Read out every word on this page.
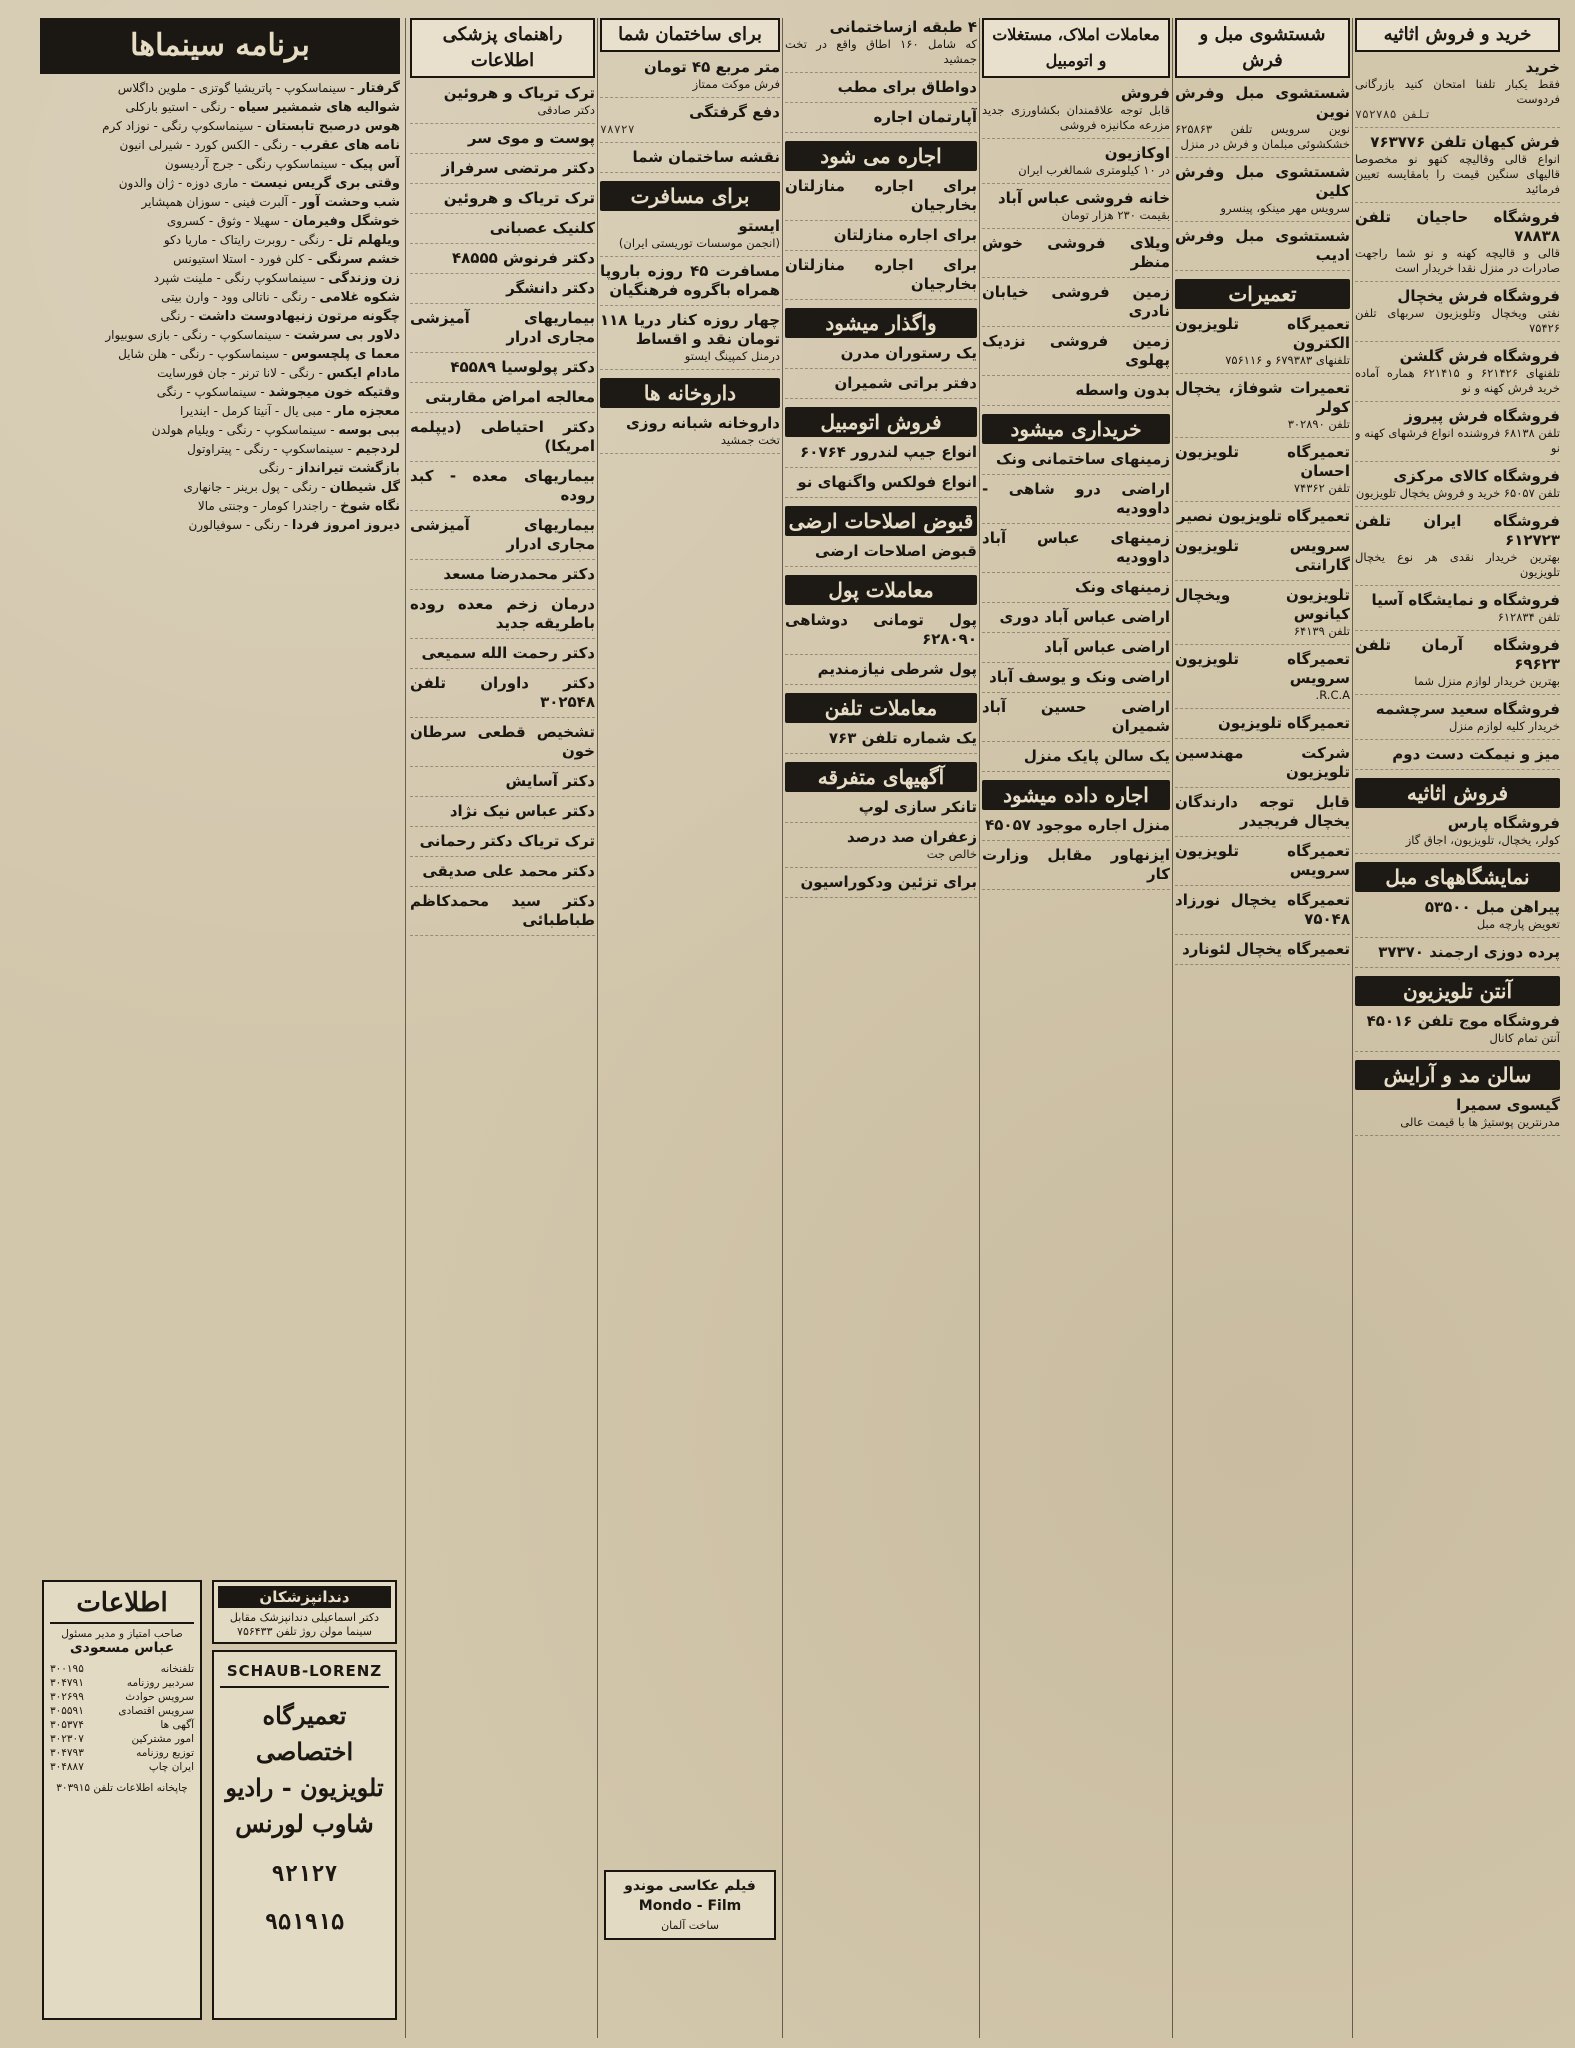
خرید و فروش اثاثیه
خرید
فقط یکبار تلفنا امتحان کنید بازرگانی فردوست
تلفن ۷۵۲۷۸۵
فرش کیهان تلفن ۷۶۳۷۷۶
انواع قالی وقالیچه کنهو نو مخصوصا قالیهای سنگین قیمت را بامقایسه تعیین فرمائید
فروشگاه حاجیان تلفن ۷۸۸۳۸
قالی و قالیچه کهنه و نو شما راجهت صادرات در منزل نقدا خریدار است
فروشگاه فرش یخچال
نفتی ویخچال وتلویزیون سربهای تلفن ۷۵۴۲۶
فروشگاه فرش گلشن
تلفنهای ۶۲۱۴۲۶ و ۶۲۱۴۱۵ هماره آماده خرید فرش کهنه و نو
فروشگاه فرش پیروز
تلفن ۶۸۱۳۸ فروشنده انواع فرشهای کهنه و نو
فروشگاه کالای مرکزی
تلفن ۶۵۰۵۷ خرید و فروش یخچال تلویزیون
فروشگاه ایران تلفن ۶۱۲۷۲۳
بهترین خریدار نقدی هر نوع یخچال تلویزیون
فروشگاه و نمایشگاه آسیا
تلفن ۶۱۲۸۳۴
فروشگاه آرمان تلفن ۶۹۶۲۳
بهترین خریدار لوازم منزل شما
فروشگاه سعید سرچشمه
خریدار کلیه لوازم منزل
میز و نیمکت دست دوم
فروش اثاثیه
فروشگاه پارس
کولر، یخچال، تلویزیون، اجاق گاز
نمایشگاههای مبل
پیراهن مبل ۵۳۵۰۰
تعویض پارچه مبل
پرده دوزی ارجمند ۳۷۳۷۰
آنتن تلویزیون
فروشگاه موج تلفن ۴۵۰۱۶
آنتن تمام کانال
سالن مد و آرایش
گیسوی سمیرا
مدرنترین پوستیژ ها با قیمت عالی
شستشوی مبل و فرش
شستشوی مبل وفرش نوین
نوین سرویس تلفن ۶۲۵۸۶۳ خشکشوئی مبلمان و فرش در منزل
شستشوی مبل وفرش کلین
سرویس مهر مینکو، پینسرو
شستشوی مبل وفرش ادیب
تعمیرات
تعمیرگاه تلویزیون الکترون
تلفنهای ۶۷۹۳۸۳ و ۷۵۶۱۱۶
تعمیرات شوفاژ، یخچال کولر
تلفن ۳۰۲۸۹۰
تعمیرگاه تلویزیون احسان
تلفن ۷۴۳۶۲
تعمیرگاه تلویزیون نصیر
سرویس تلویزیون گارانتی
تلویزیون ویخچال کیانوس
تلفن ۶۴۱۳۹
تعمیرگاه تلویزیون سرویس
R.C.A.
تعمیرگاه تلویزیون
شرکت مهندسین تلویزیون
قابل توجه دارندگان یخچال فریجیدر
تعمیرگاه تلویزیون سرویس
تعمیرگاه یخچال نورزاد ۷۵۰۴۸
تعمیرگاه یخچال لئونارد
معاملات املاک، مستغلات و اتومبیل
فروش
قابل توجه علاقمندان بکشاورزی جدید مزرعه مکانیزه فروشی
اوکازیون
در ۱۰ کیلومتری شمالغرب ایران
خانه فروشی عباس آباد
بقیمت ۲۳۰ هزار تومان
ویلای فروشی خوش منظر
زمین فروشی خیابان نادری
زمین فروشی نزدیک پهلوی
بدون واسطه
خریداری میشود
زمینهای ساختمانی ونک
اراضی درو شاهی - داوودیه
زمینهای عباس آباد داوودیه
زمینهای ونک
اراضی عباس آباد دوری
اراضی عباس آباد
اراضی ونک و یوسف آباد
اراضی حسین آباد شمیران
یک سالن پایک منزل
اجاره داده میشود
منزل اجاره موجود ۴۵۰۵۷
ایزنهاور مقابل وزارت کار
۴ طبقه ازساختمانی
که شامل ۱۶۰ اطاق واقع در تخت جمشید
دواطاق برای مطب
آپارتمان اجاره
اجاره می شود
برای اجاره منازلتان بخارجیان
برای اجاره منازلتان
برای اجاره منازلتان بخارجیان
واگذار میشود
یک رستوران مدرن
دفتر براتی شمیران
فروش اتومبیل
انواع جیپ لندرور ۶۰۷۶۴
انواع فولکس واگنهای نو
قبوض اصلاحات ارضی
قبوض اصلاحات ارضی
معاملات پول
پول تومانی دوشاهی ۶۲۸۰۹۰
پول شرطی نیازمندیم
معاملات تلفن
یک شماره تلفن ۷۶۳
آگهیهای متفرقه
تانکر سازی لوپ
زعفران صد درصد
خالص جت
برای تزئین ودکوراسیون
برای ساختمان شما
متر مربع ۴۵ تومان
فرش موکت ممتاز
دفع گرفتگی
۷۸۷۲۷
نقشه ساختمان شما
برای مسافرت
ایستو
(انجمن موسسات توریستی ایران)
مسافرت ۴۵ روزه باروپا همراه باگروه فرهنگیان
چهار روزه کنار دریا ۱۱۸ تومان نقد و اقساط
درمنل کمپینگ ایستو
داروخانه ها
داروخانه شبانه روزی
تخت جمشید
راهنمای پزشکی اطلاعات
ترک تریاک و هروئین
دکتر صادقی
پوست و موی سر
دکتر مرتضی سرفراز
ترک تریاک و هروئین
کلنیک عصبانی
دکتر فرنوش ۴۸۵۵۵
دکتر دانشگر
بیماریهای آمیزشی مجاری ادرار
دکتر پولوسیا ۴۵۵۸۹
معالجه امراض مقاربتی
دکتر احتیاطی (دیپلمه امریکا)
بیماریهای معده - کبد روده
بیماریهای آمیزشی مجاری ادرار
دکتر محمدرضا مسعد
درمان زخم معده روده باطریقه جدید
دکتر رحمت الله سمیعی
دکتر داوران تلفن ۳۰۲۵۴۸
تشخیص قطعی سرطان خون
دکتر آسایش
دکتر عباس نیک نژاد
ترک تریاک دکتر رحمانی
دکتر محمد علی صدیقی
دکتر سید محمدکاظم طباطبائی
برنامه سینماها
گرفتار - سینماسکوپ - پاتریشیا گوتزی - ملوین داگلاس
شوالیه های شمشیر سیاه - رنگی - استیو بارکلی
هوس درصبح تابستان - سینماسکوپ رنگی - نوزاد کرم
نامه های عقرب - رنگی - الکس کورد - شیرلی انیون
آس پیک - سینماسکوپ رنگی - جرج آردیسون
وقتی بری گریس نیست - ماری دوزه - ژان والدون
شب وحشت آور - آلبرت فینی - سوزان همپشایر
خوشگل وفیرمان - سهیلا - وثوق - کسروی
ویلهلم تل - رنگی - روبرت رایتاک - ماریا دکو
خشم سرنگی - کلن فورد - استلا استیونس
زن وزندگی - سینماسکوپ رنگی - ملینت شپرد
شکوه غلامی - رنگی - ناتالی وود - وارن بیتی
چگونه مرتون زنیهادوست داشت - رنگی
دلاور بی سرشت - سینماسکوپ - رنگی - بازی سوبیوار
معما ی پلچسوس - سینماسکوپ - رنگی - هلن شایل
مادام ایکس - رنگی - لانا ترنر - جان فورسایت
وقتیکه خون میجوشد - سینماسکوپ - رنگی
معجزه مار - مبی یال - آنیتا کرمل - ایندیرا
ببی بوسه - سینماسکوپ - رنگی - ویلیام هولدن
لردجیم - سینماسکوپ - رنگی - پیتراوتول
بازگشت تیرانداز - رنگی
گل شیطان - رنگی - پول برینر - جانهاری
نگاه شوخ - راجندرا کومار - وجنتی مالا
دیروز امروز فردا - رنگی - سوفیالورن
اطلاعات
صاحب امتیاز و مدیر مسئول
عباس مسعودی
تلفنخانه
۳۰۰۱۹۵
سردبیر روزنامه
۳۰۴۷۹۱
سرویس حوادث
۳۰۲۶۹۹
سرویس اقتصادی
۳۰۵۵۹۱
آگهی ها
۳۰۵۳۷۴
امور مشترکین
۳۰۲۳۰۷
توزیع روزنامه
۳۰۴۷۹۳
ایران چاپ
۳۰۴۸۸۷
چاپخانه اطلاعات تلفن ۳۰۳۹۱۵
دندانپزشکان
دکتر اسماعیلی دندانپزشک مقابل سینما مولن روژ تلفن ۷۵۶۴۳۳
SCHAUB-LORENZ
تعمیرگاه اختصاصی تلویزیون - رادیو شاوب لورنس
۹۲۱۲۷
۹۵۱۹۱۵
فیلم عکاسی موندو
Mondo - Film
ساخت آلمان
